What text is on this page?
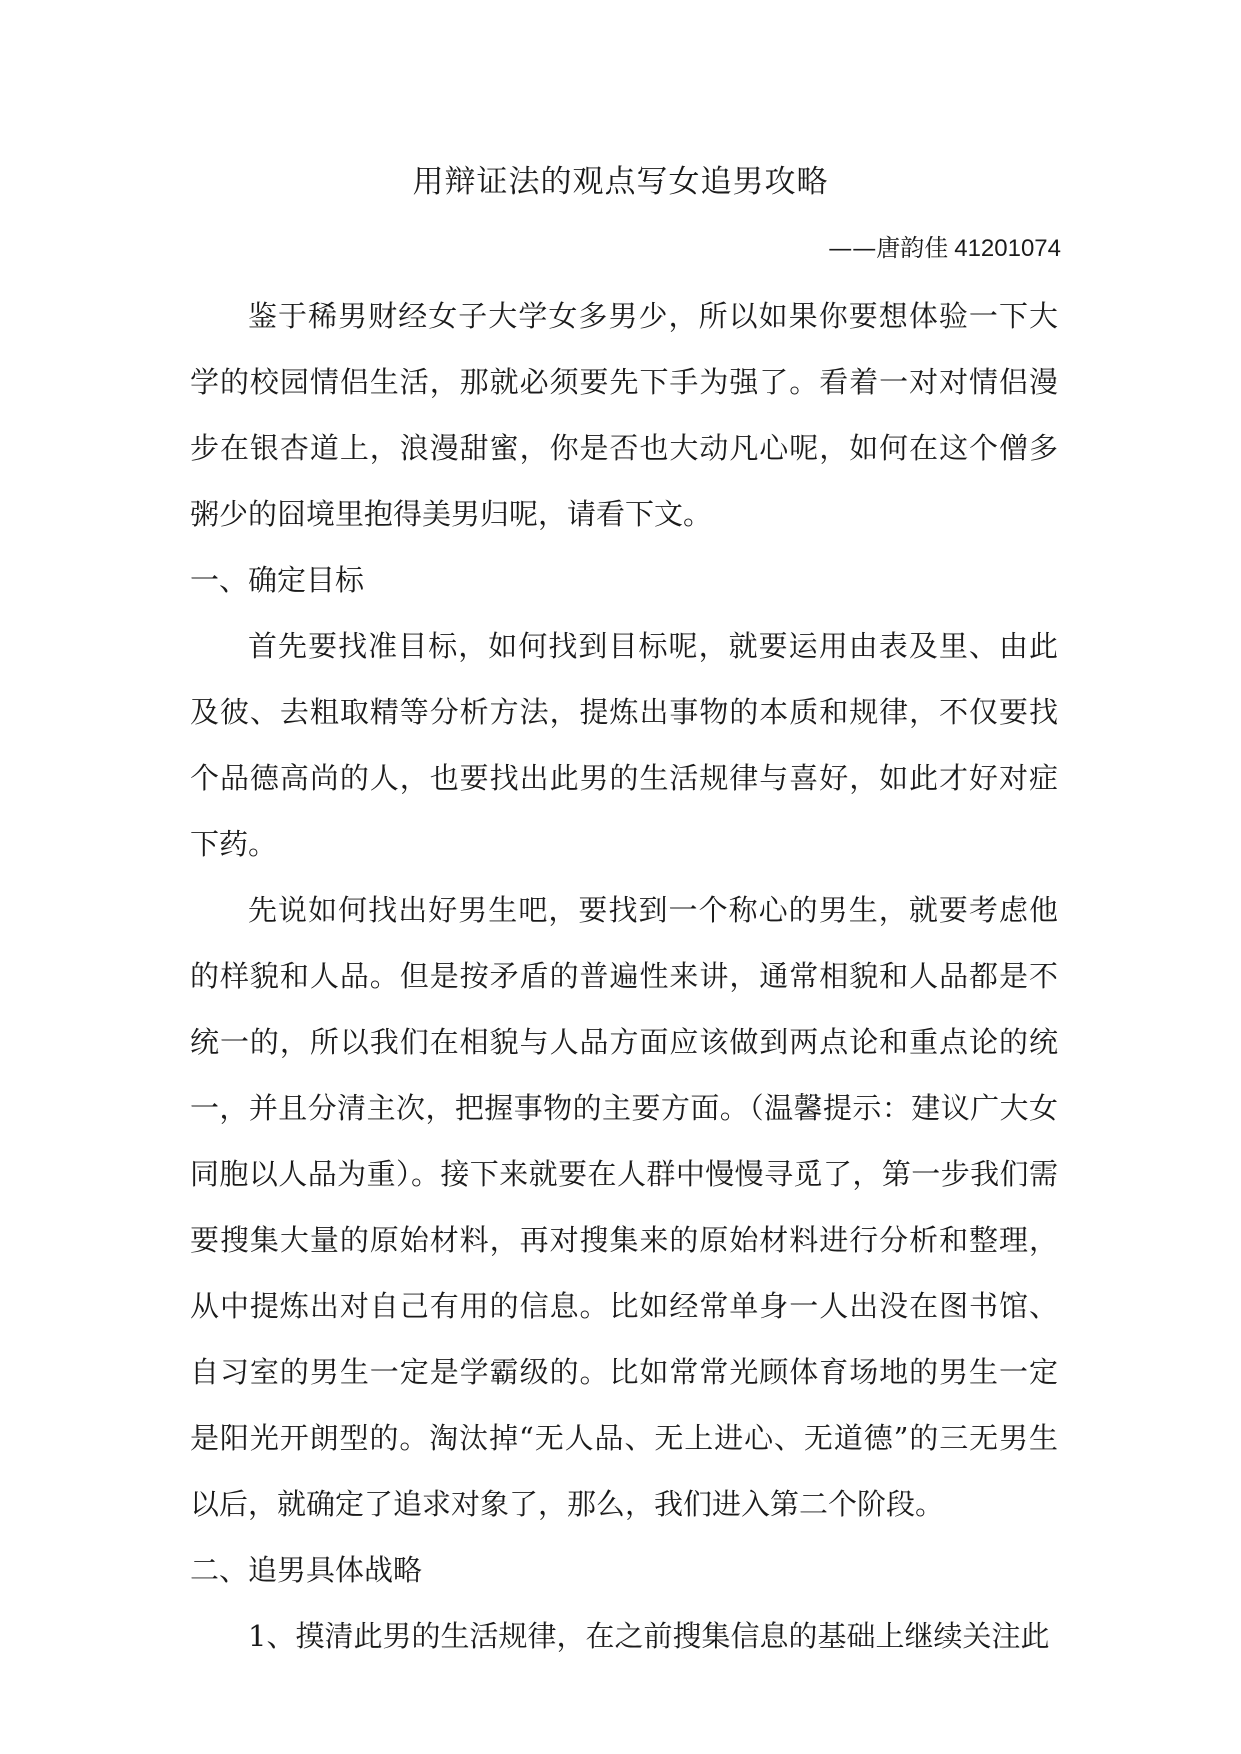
用辩证法的观点写女追男攻略
——唐韵佳 41201074

鉴于稀男财经女子大学女多男少，所以如果你要想体验一下大学的校园情侣生活，那就必须要先下手为强了。看着一对对情侣漫步在银杏道上，浪漫甜蜜，你是否也大动凡心呢，如何在这个僧多粥少的囧境里抱得美男归呢，请看下文。

一、确定目标

首先要找准目标，如何找到目标呢，就要运用由表及里、由此及彼、去粗取精等分析方法，提炼出事物的本质和规律，不仅要找个品德高尚的人，也要找出此男的生活规律与喜好，如此才好对症下药。

先说如何找出好男生吧，要找到一个称心的男生，就要考虑他的样貌和人品。但是按矛盾的普遍性来讲，通常相貌和人品都是不统一的，所以我们在相貌与人品方面应该做到两点论和重点论的统一，并且分清主次，把握事物的主要方面。（温馨提示：建议广大女同胞以人品为重）。接下来就要在人群中慢慢寻觅了，第一步我们需要搜集大量的原始材料，再对搜集来的原始材料进行分析和整理，从中提炼出对自己有用的信息。比如经常单身一人出没在图书馆、自习室的男生一定是学霸级的。比如常常光顾体育场地的男生一定是阳光开朗型的。淘汰掉“无人品、无上进心、无道德”的三无男生以后，就确定了追求对象了，那么，我们进入第二个阶段。

二、追男具体战略

1、摸清此男的生活规律，在之前搜集信息的基础上继续关注此
